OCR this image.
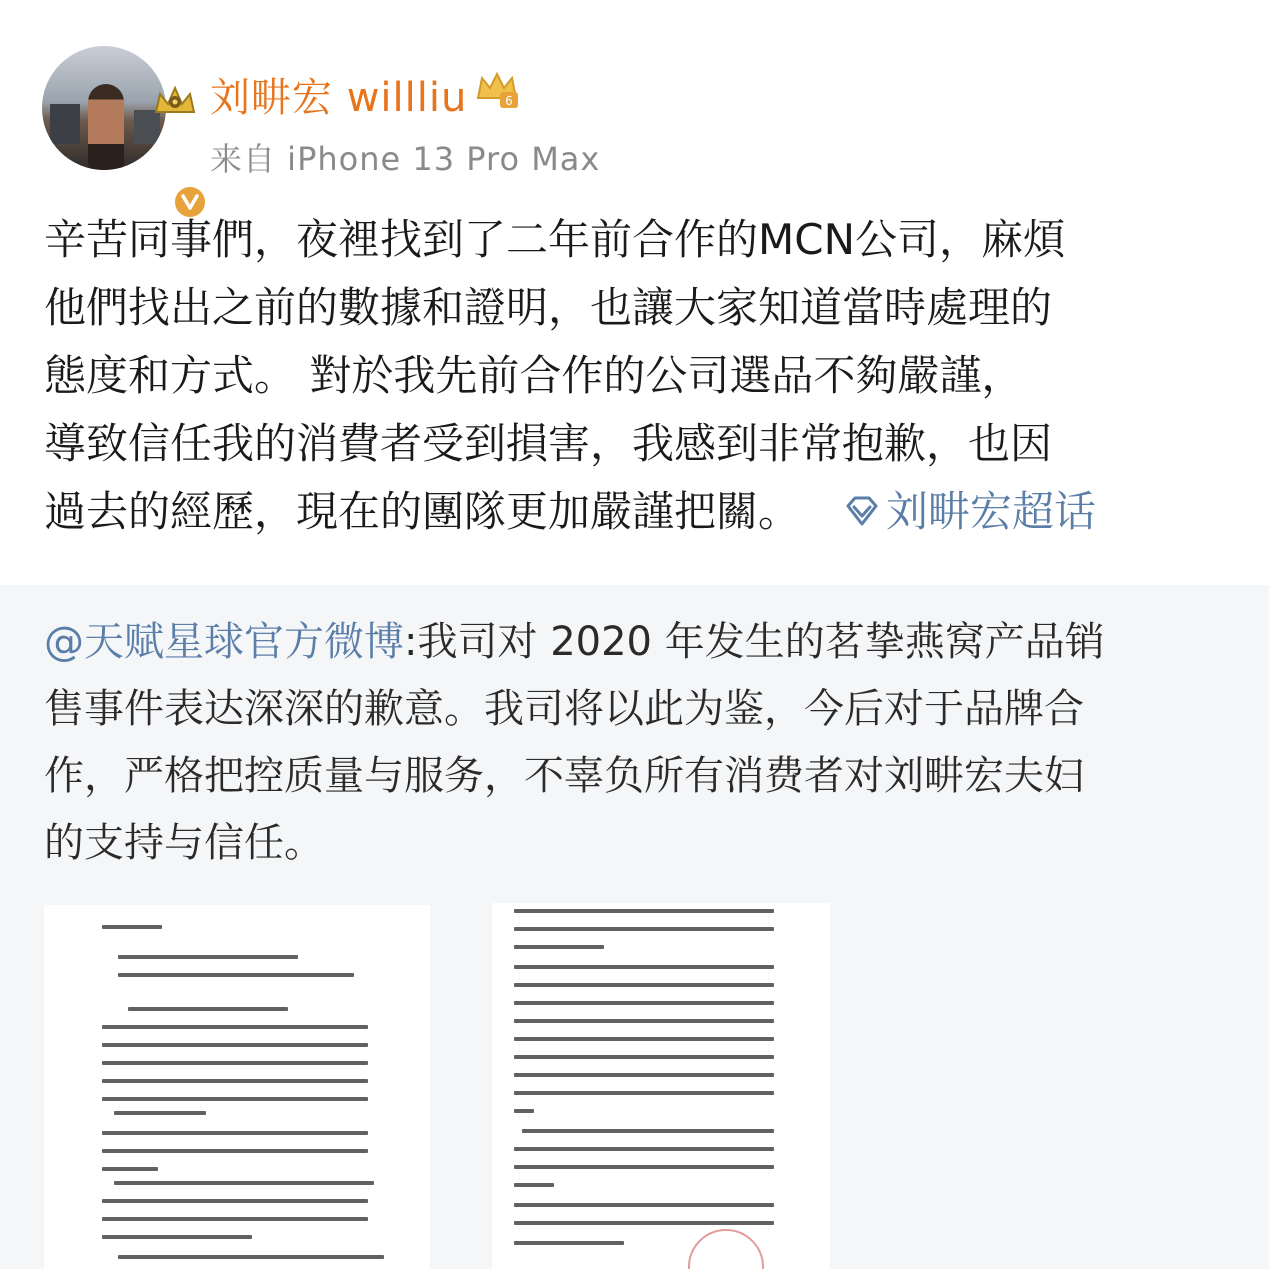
刘畊宏 willliu	6
来自 iPhone 13 Pro Max
辛苦同事們，夜裡找到了二年前合作的MCN公司，麻煩
他們找出之前的數據和證明，也讓大家知道當時處理的
態度和方式。 對於我先前合作的公司選品不夠嚴謹，
導致信任我的消費者受到損害，我感到非常抱歉，也因
過去的經歷，現在的團隊更加嚴謹把關。 刘畊宏超话
@天赋星球官方微博:我司对 2020 年发生的茗挚燕窝产品销
售事件表达深深的歉意。我司将以此为鉴，今后对于品牌合
作，严格把控质量与服务，不辜负所有消费者对刘畊宏夫妇
的支持与信任。
